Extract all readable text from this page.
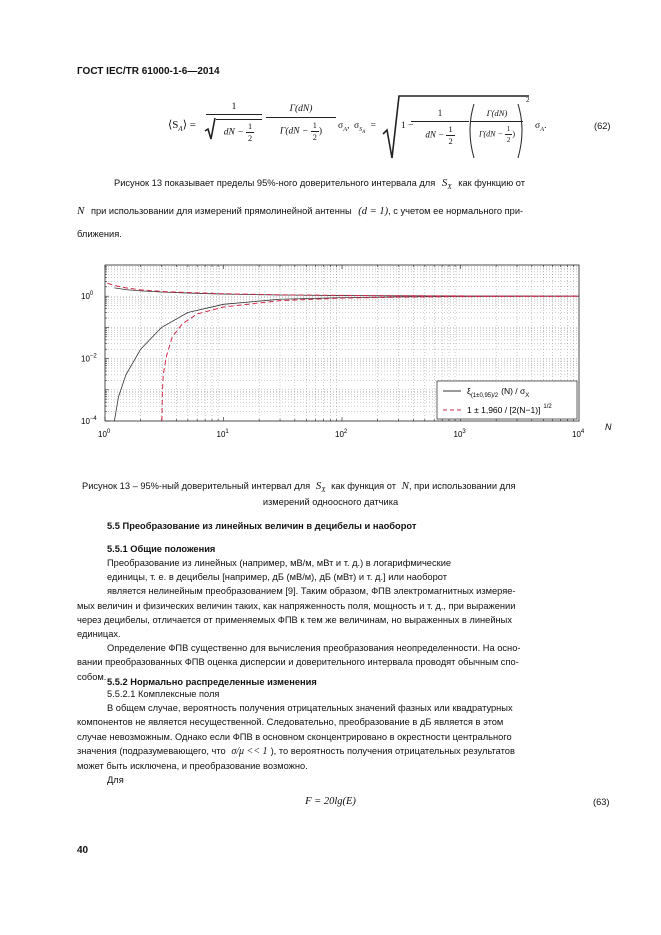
ГОСТ IEC/TR 61000-1-6—2014
$⟨S_A⟩$ =
1
dN − $\frac{1}{2}$
Γ(dN)
$\Gamma(dN - \frac{1}{2}$ )
$\sigma_A$, $\sigma_{S_A}$ =	1 −
1
dN − $\frac{1}{2}$
Γ(dN)
$\Gamma(dN - \frac{1}{2}$ )
2
$\sigma_A$.	(62)
Рисунок 13 показывает пределы 95%-ного доверительного интервала для $S_X$ как функцию от
N при использовании для измерений прямолинейной антенны (d = 1), с учетом ее нормального при-
ближения.
$10^0$
$10^{-2}$
$10^{-4}$
$10^0$	$10^1$	$10^2$	$10^3$	$10^4$ N
$\xi_{(1\pm 0,95)/2}$ $(N) / \sigma_X$
1 ± 1,960 / [2(N−1)] $^{1/2}$
Рисунок 13 – 95%-ный доверительный интервал для $S_X$ как функция от N, при использовании для
измерений одноосного датчика
5.5 Преобразование из линейных величин в децибелы и наоборот
5.5.1 Общие положения
Преобразование из линейных (например, мВ/м, мВт и т. д.) в логарифмические
единицы, т. е. в децибелы [например, дБ (мВ/м), дБ (мВт) и т. д.] или наоборот
является нелинейным преобразованием [9]. Таким образом, ФПВ электромагнитных измеряе-
мых величин и физических величин таких, как напряженность поля, мощность и т. д., при выражении
через децибелы, отличается от применяемых ФПВ к тем же величинам, но выраженных в линейных
единицах.
Определение ФПВ существенно для вычисления преобразования неопределенности. На осно-
вании преобразованных ФПВ оценка дисперсии и доверительного интервала проводят обычным спо-
собом.
5.5.2 Нормально распределенные изменения
5.5.2.1 Комплексные поля
В общем случае, вероятность получения отрицательных значений фазных или квадратурных
компонентов не является несущественной. Следовательно, преобразование в дБ является в этом
случае невозможным. Однако если ФПВ в основном сконцентрировано в окрестности центрального
значения (подразумевающего, что σ/μ << 1 ), то вероятность получения отрицательных результатов
может быть исключена, и преобразование возможно.
Для
F = 20lg(E)	(63)
40
